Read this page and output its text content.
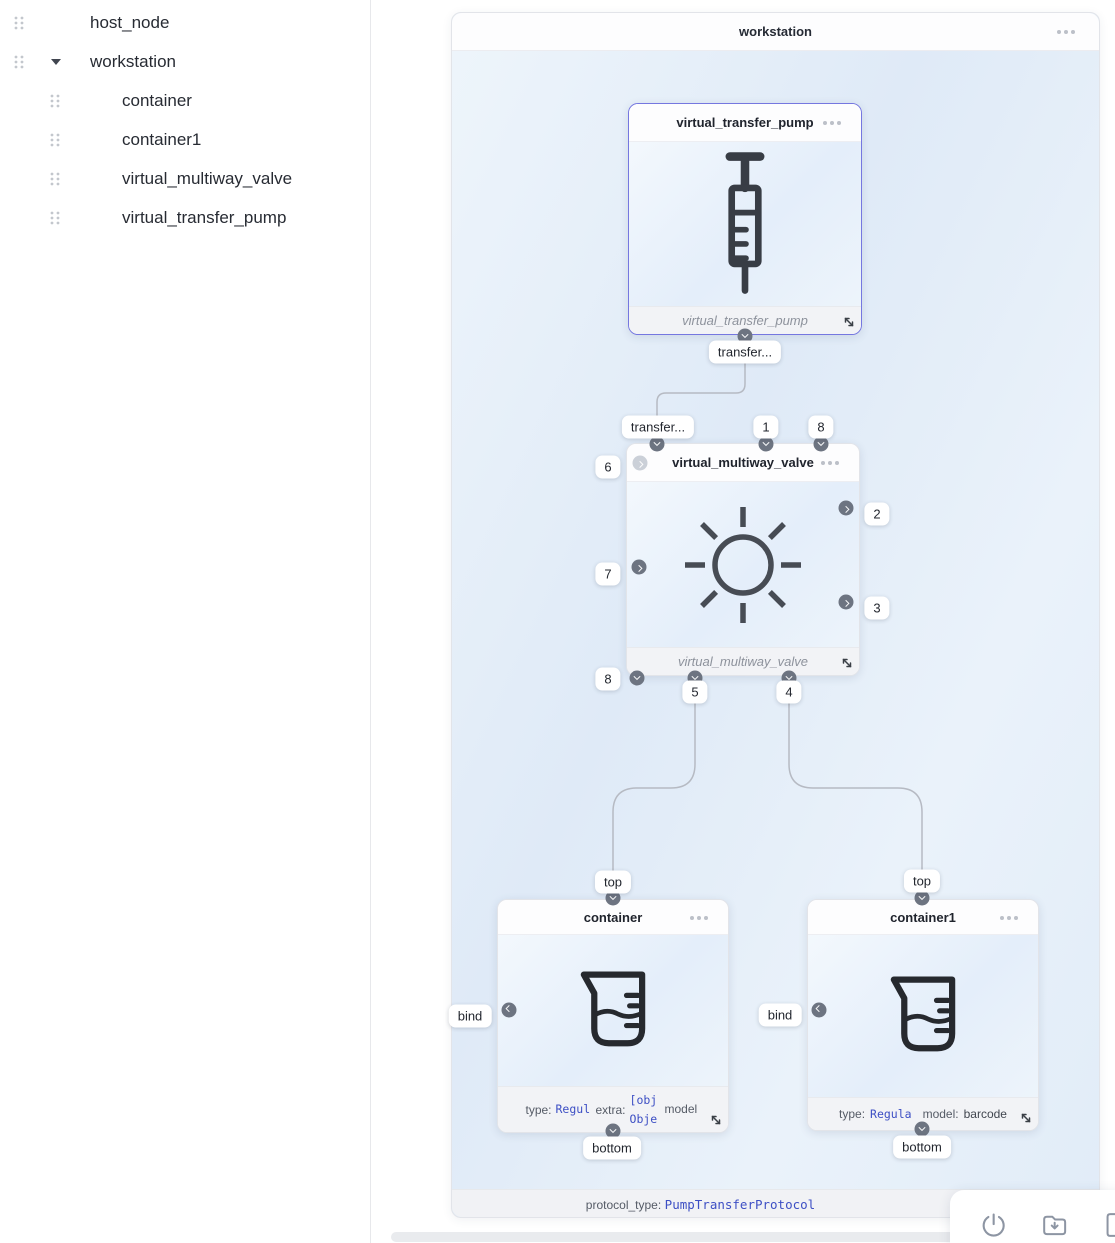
host_node
workstation
container
container1
virtual_multiway_valve
virtual_transfer_pump
workstation
protocol_type: PumpTransferProtocol
virtual_transfer_pump
virtual_transfer_pump
virtual_multiway_valve
virtual_multiway_valve
container
type: Regul extra:
[obj
Obje
model
container1
type: Regula model: barcode
transfer...
transfer...	1	8
6
7
8
2
3
5	4
top
bind
bottom
top
bind
bottom
